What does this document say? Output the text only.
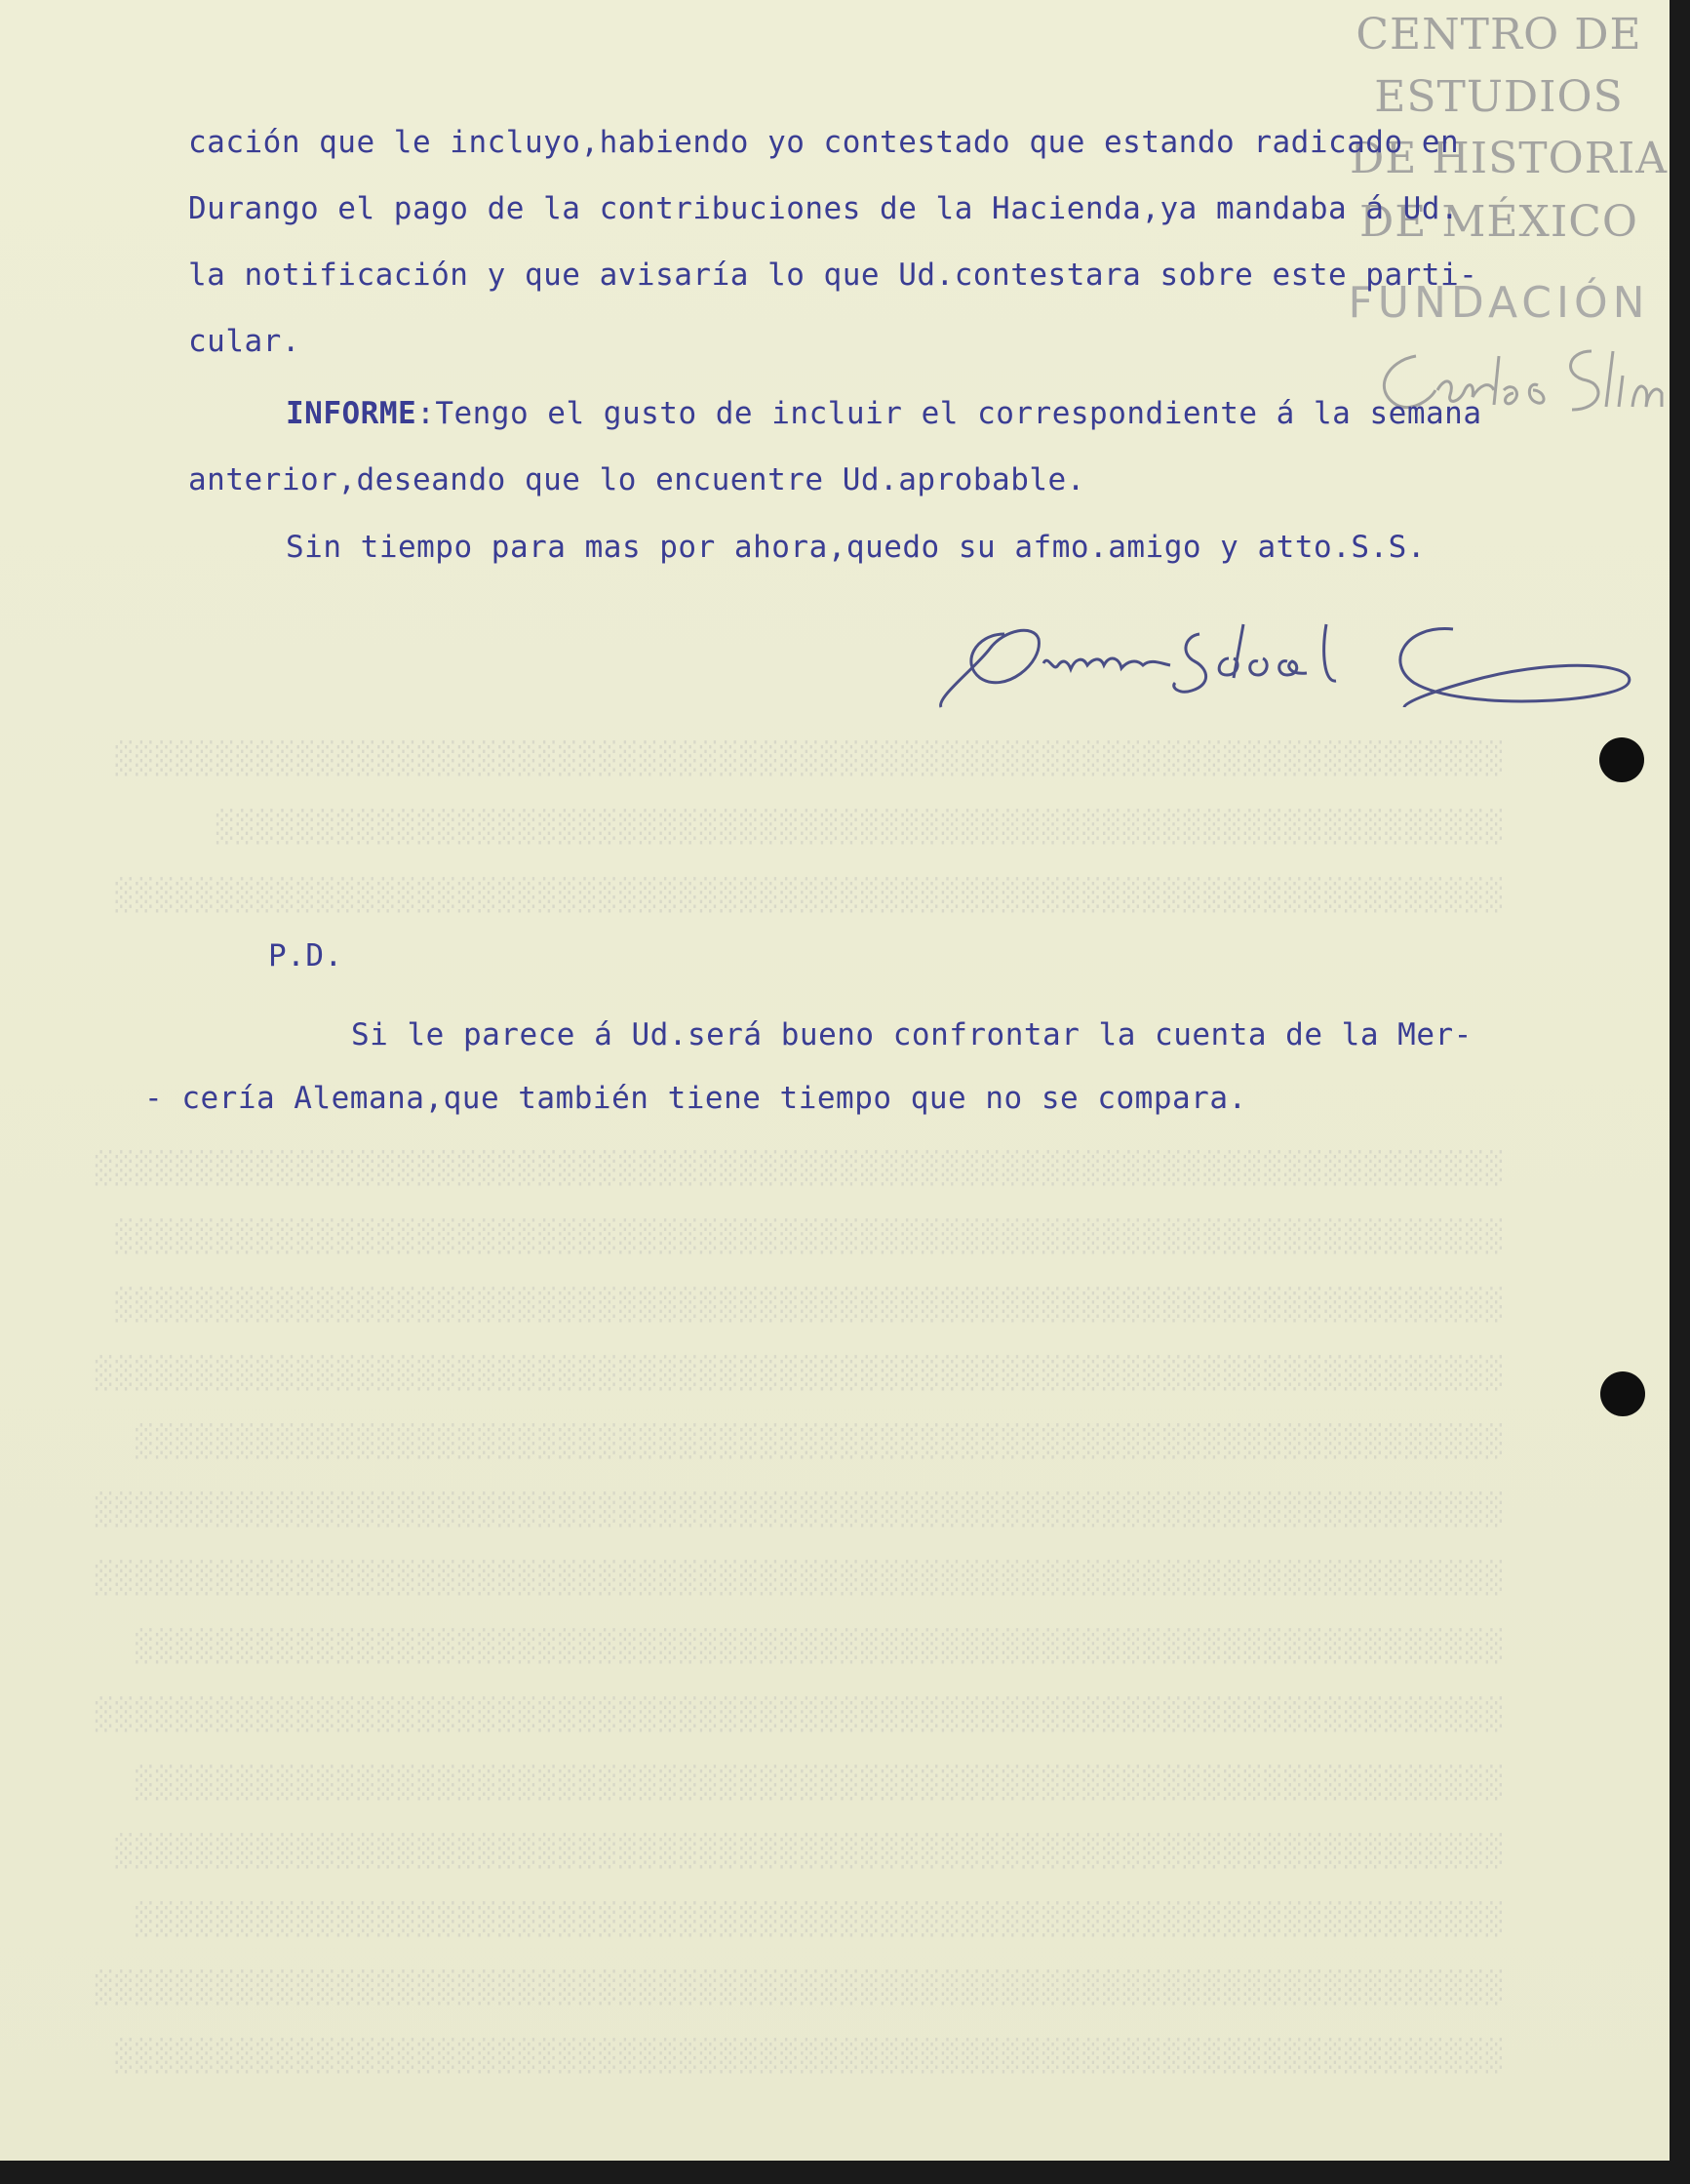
░░░░░░░░░░░░░░░░░░░░░░░░░░░░░░░░░░░░░░░░░░░░░░░░░░░░░░░░░░░░░░░░░░░░░
░░░░░░░░░░░░░░░░░░░░░░░░░░░░░░░░░░░░░░░░░░░░░░░░░░░░░░░░░░░░░░░░
░░░░░░░░░░░░░░░░░░░░░░░░░░░░░░░░░░░░░░░░░░░░░░░░░░░░░░░░░░░░░░░░░░░░░
░░░░░░░░░░░░░░░░░░░░░░░░░░░░░░░░░░░░░░░░░░░░░░░░░░░░░░░░░░░░░░░░░░░░░░
░░░░░░░░░░░░░░░░░░░░░░░░░░░░░░░░░░░░░░░░░░░░░░░░░░░░░░░░░░░░░░░░░░░░░
░░░░░░░░░░░░░░░░░░░░░░░░░░░░░░░░░░░░░░░░░░░░░░░░░░░░░░░░░░░░░░░░░░░░░
░░░░░░░░░░░░░░░░░░░░░░░░░░░░░░░░░░░░░░░░░░░░░░░░░░░░░░░░░░░░░░░░░░░░░░
░░░░░░░░░░░░░░░░░░░░░░░░░░░░░░░░░░░░░░░░░░░░░░░░░░░░░░░░░░░░░░░░░░░░
░░░░░░░░░░░░░░░░░░░░░░░░░░░░░░░░░░░░░░░░░░░░░░░░░░░░░░░░░░░░░░░░░░░░░░
░░░░░░░░░░░░░░░░░░░░░░░░░░░░░░░░░░░░░░░░░░░░░░░░░░░░░░░░░░░░░░░░░░░░░░
░░░░░░░░░░░░░░░░░░░░░░░░░░░░░░░░░░░░░░░░░░░░░░░░░░░░░░░░░░░░░░░░░░░░
░░░░░░░░░░░░░░░░░░░░░░░░░░░░░░░░░░░░░░░░░░░░░░░░░░░░░░░░░░░░░░░░░░░░░░
░░░░░░░░░░░░░░░░░░░░░░░░░░░░░░░░░░░░░░░░░░░░░░░░░░░░░░░░░░░░░░░░░░░░
░░░░░░░░░░░░░░░░░░░░░░░░░░░░░░░░░░░░░░░░░░░░░░░░░░░░░░░░░░░░░░░░░░░░░
░░░░░░░░░░░░░░░░░░░░░░░░░░░░░░░░░░░░░░░░░░░░░░░░░░░░░░░░░░░░░░░░░░░░
░░░░░░░░░░░░░░░░░░░░░░░░░░░░░░░░░░░░░░░░░░░░░░░░░░░░░░░░░░░░░░░░░░░░░░
░░░░░░░░░░░░░░░░░░░░░░░░░░░░░░░░░░░░░░░░░░░░░░░░░░░░░░░░░░░░░░░░░░░░░
CENTRO DE
ESTUDIOS
DE HISTORIA
DE MÉXICO
FUNDACIÓN
cación que le incluyo,habiendo yo contestado que estando radicado en
Durango el pago de la contribuciones de la Hacienda,ya mandaba á Ud.
la notificación y que avisaría lo que Ud.contestara sobre este parti-
cular.
INFORME:Tengo el gusto de incluir el correspondiente á la semana
anterior,deseando que lo encuentre Ud.aprobable.
Sin tiempo para mas por ahora,quedo su afmo.amigo y atto.S.S.
P.D.
Si le parece á Ud.será bueno confrontar la cuenta de la Mer-
- cería Alemana,que también tiene tiempo que no se compara.
